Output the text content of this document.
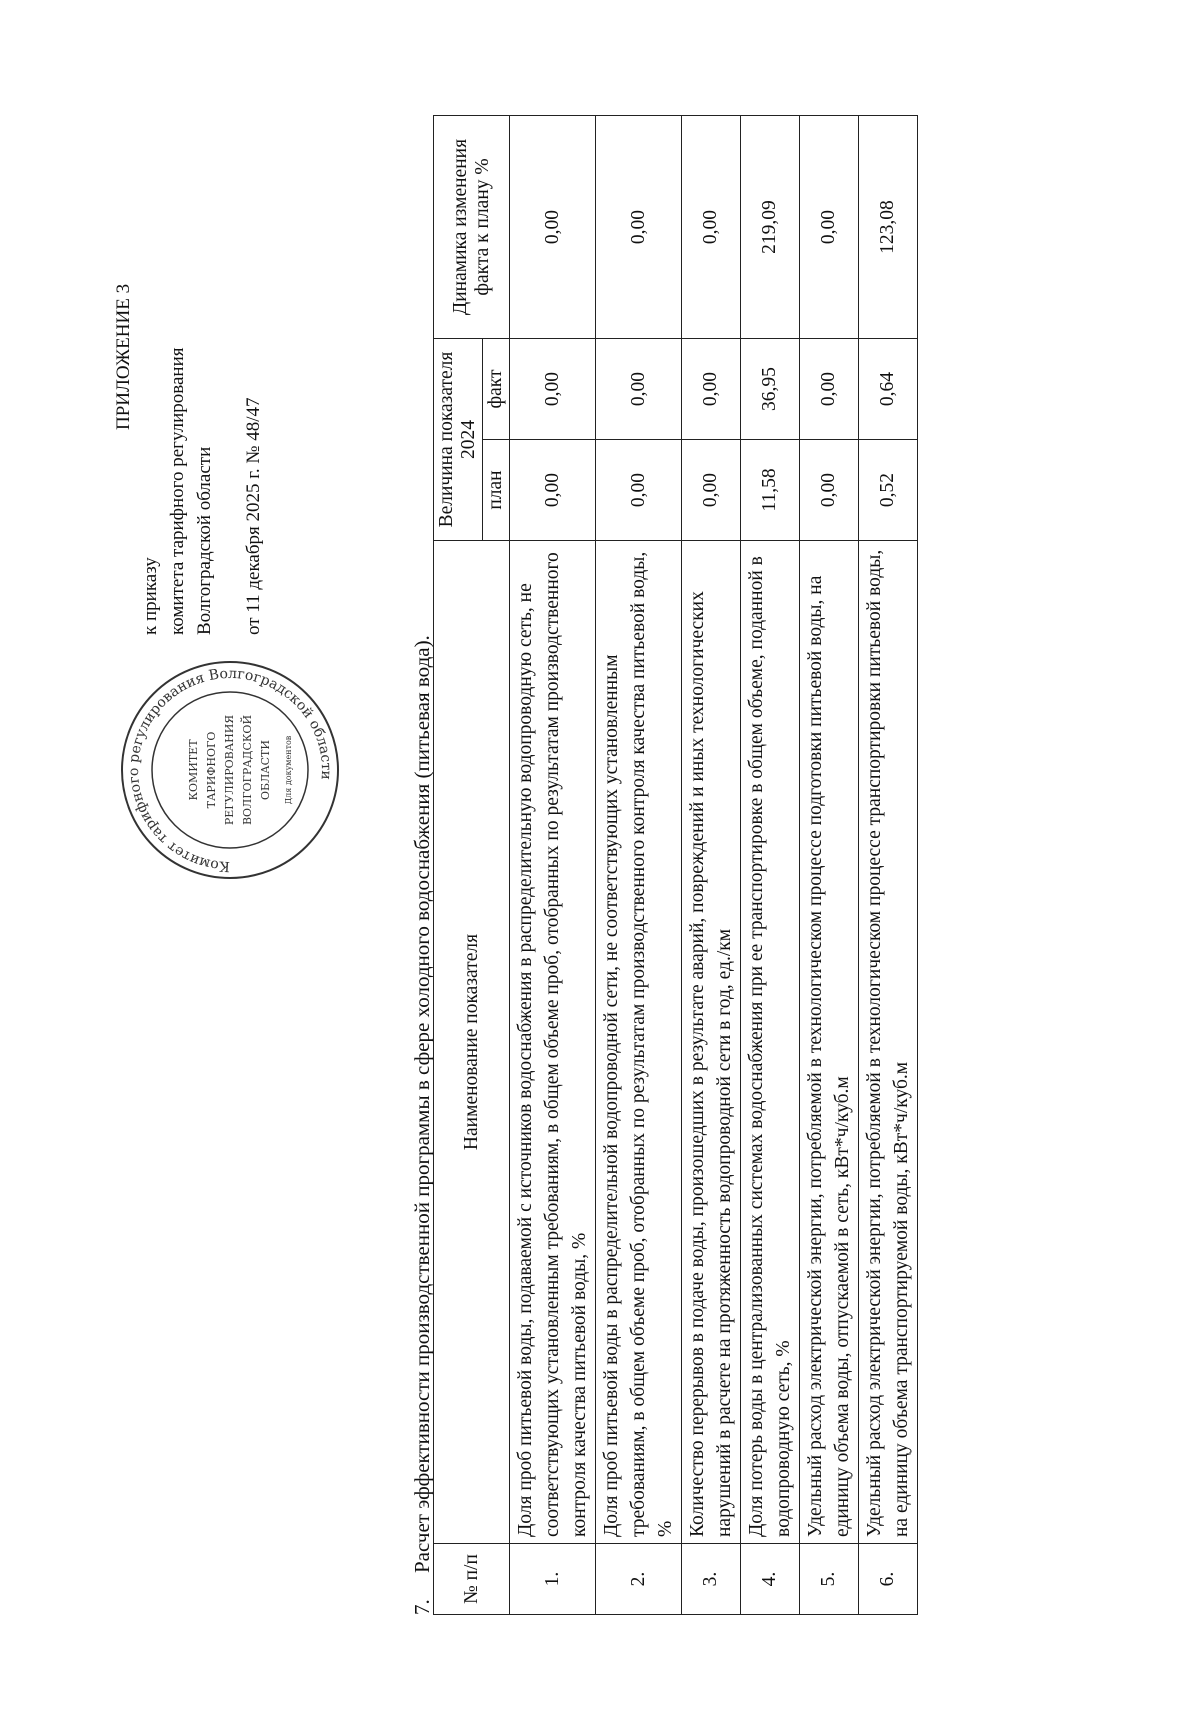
ПРИЛОЖЕНИЕ 3
к приказу комитета тарифного регулирования Волгоградской области от 11 декабря 2025 г. № 48/47
Комитет тарифного регулирования Волгоградской области
КОМИТЕТ ТАРИФНОГО РЕГУЛИРОВАНИЯ ВОЛГОГРАДСКОЙ ОБЛАСТИ Для документов
7.Расчет эффективности производственной программы в сфере холодного водоснабжения (питьевая вода).
№ п/п	Наименование показателя	Величина показателя 2024		Динамика изменения факта к плану %
		план	факт	
1.	Доля проб питьевой воды, подаваемой с источников водоснабжения в распределительную водопроводную сеть, не соответствующих установленным требованиям, в общем объеме проб, отобранных по результатам производственного контроля качества питьевой воды, %	0,00	0,00	0,00
2.	Доля проб питьевой воды в распределительной водопроводной сети, не соответствующих установленным требованиям, в общем объеме проб, отобранных по результатам производственного контроля качества питьевой воды, %	0,00	0,00	0,00
3.	Количество перерывов в подаче воды, произошедших в результате аварий, повреждений и иных технологических нарушений в расчете на протяженность водопроводной сети в год, ед./км	0,00	0,00	0,00
4.	Доля потерь воды в централизованных системах водоснабжения при ее транспортировке в общем объеме, поданной в водопроводную сеть, %	11,58	36,95	219,09
5.	Удельный расход электрической энергии, потребляемой в технологическом процессе подготовки питьевой воды, на единицу объема воды, отпускаемой в сеть, кВт*ч/куб.м	0,00	0,00	0,00
6.	Удельный расход электрической энергии, потребляемой в технологическом процессе транспортировки питьевой воды, на единицу объема транспортируемой воды, кВт*ч/куб.м	0,52	0,64	123,08
